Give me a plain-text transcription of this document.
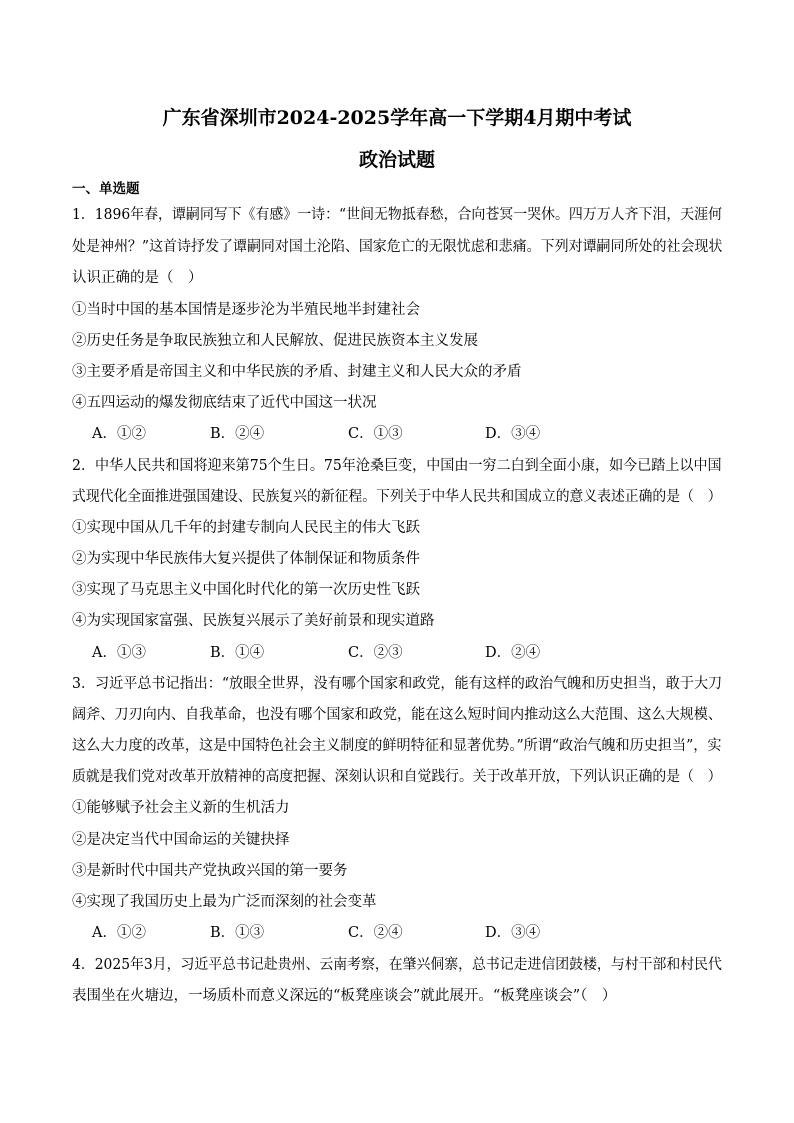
广东省深圳市2024-2025学年高一下学期4月期中考试
政治试题
一、单选题
1．1896年春，谭嗣同写下《有感》一诗：“世间无物抵春愁，合向苍冥一哭休。四万万人齐下泪，天涯何
处是神州？”这首诗抒发了谭嗣同对国土沦陷、国家危亡的无限忧虑和悲痛。下列对谭嗣同所处的社会现状
认识正确的是（　）
①当时中国的基本国情是逐步沦为半殖民地半封建社会
②历史任务是争取民族独立和人民解放、促进民族资本主义发展
③主要矛盾是帝国主义和中华民族的矛盾、封建主义和人民大众的矛盾
④五四运动的爆发彻底结束了近代中国这一状况
A．①②	B．②④	C．①③	D．③④
2．中华人民共和国将迎来第75个生日。75年沧桑巨变，中国由一穷二白到全面小康，如今已踏上以中国
式现代化全面推进强国建设、民族复兴的新征程。下列关于中华人民共和国成立的意义表述正确的是（　）
①实现中国从几千年的封建专制向人民民主的伟大飞跃
②为实现中华民族伟大复兴提供了体制保证和物质条件
③实现了马克思主义中国化时代化的第一次历史性飞跃
④为实现国家富强、民族复兴展示了美好前景和现实道路
A．①③	B．①④	C．②③	D．②④
3．习近平总书记指出：“放眼全世界，没有哪个国家和政党，能有这样的政治气魄和历史担当，敢于大刀
阔斧、刀刃向内、自我革命，也没有哪个国家和政党，能在这么短时间内推动这么大范围、这么大规模、
这么大力度的改革，这是中国特色社会主义制度的鲜明特征和显著优势。”所谓“政治气魄和历史担当”，实
质就是我们党对改革开放精神的高度把握、深刻认识和自觉践行。关于改革开放，下列认识正确的是（　）
①能够赋予社会主义新的生机活力
②是决定当代中国命运的关键抉择
③是新时代中国共产党执政兴国的第一要务
④实现了我国历史上最为广泛而深刻的社会变革
A．①②	B．①③	C．②④	D．③④
4．2025年3月，习近平总书记赴贵州、云南考察，在肇兴侗寨，总书记走进信团鼓楼，与村干部和村民代
表围坐在火塘边，一场质朴而意义深远的“板凳座谈会”就此展开。“板凳座谈会”（　）
